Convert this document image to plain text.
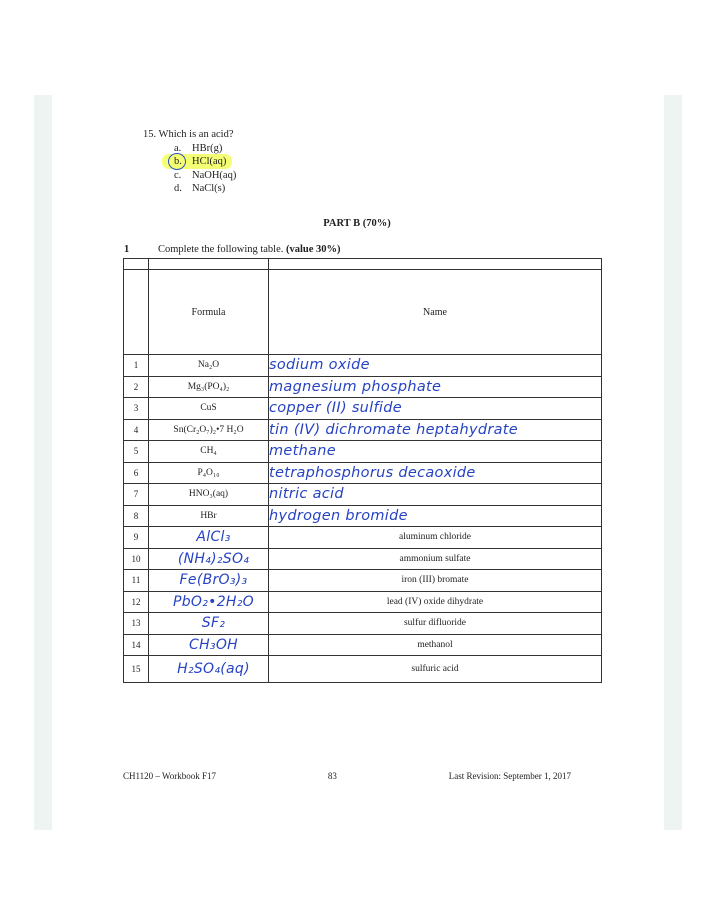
15. Which is an acid?

a. HBr(g)
b. HCl(aq)
c. NaOH(aq)
d. NaCl(s)
PART B (70%)
1	Complete the following table.
(value 30%)

	Formula	Name
1	Na₂O	sodium oxide
2	Mg₃(PO₄)₂	magnesium phosphate
3	CuS	copper (II) sulfide
4	Sn(Cr₂O₇)₂•7 H₂O	tin (IV) dichromate heptahydrate
5	CH₄	methane
6	P₄O₁₀	tetraphosphorus decaoxide
7	HNO₃(aq)	nitric acid
8	HBr	hydrogen bromide
9	AlCl₃	aluminum chloride
10	(NH₄)₂SO₄	ammonium sulfate
11	Fe(BrO₃)₃	iron (III) bromate
12	PbO₂•2H₂O	lead (IV) oxide dihydrate
13	SF₂	sulfur difluoride
14	CH₃OH	methanol
15	H₂SO₄(aq)	sulfuric acid
CH1120 – Workbook F17	83	Last Revision: September 1, 2017
